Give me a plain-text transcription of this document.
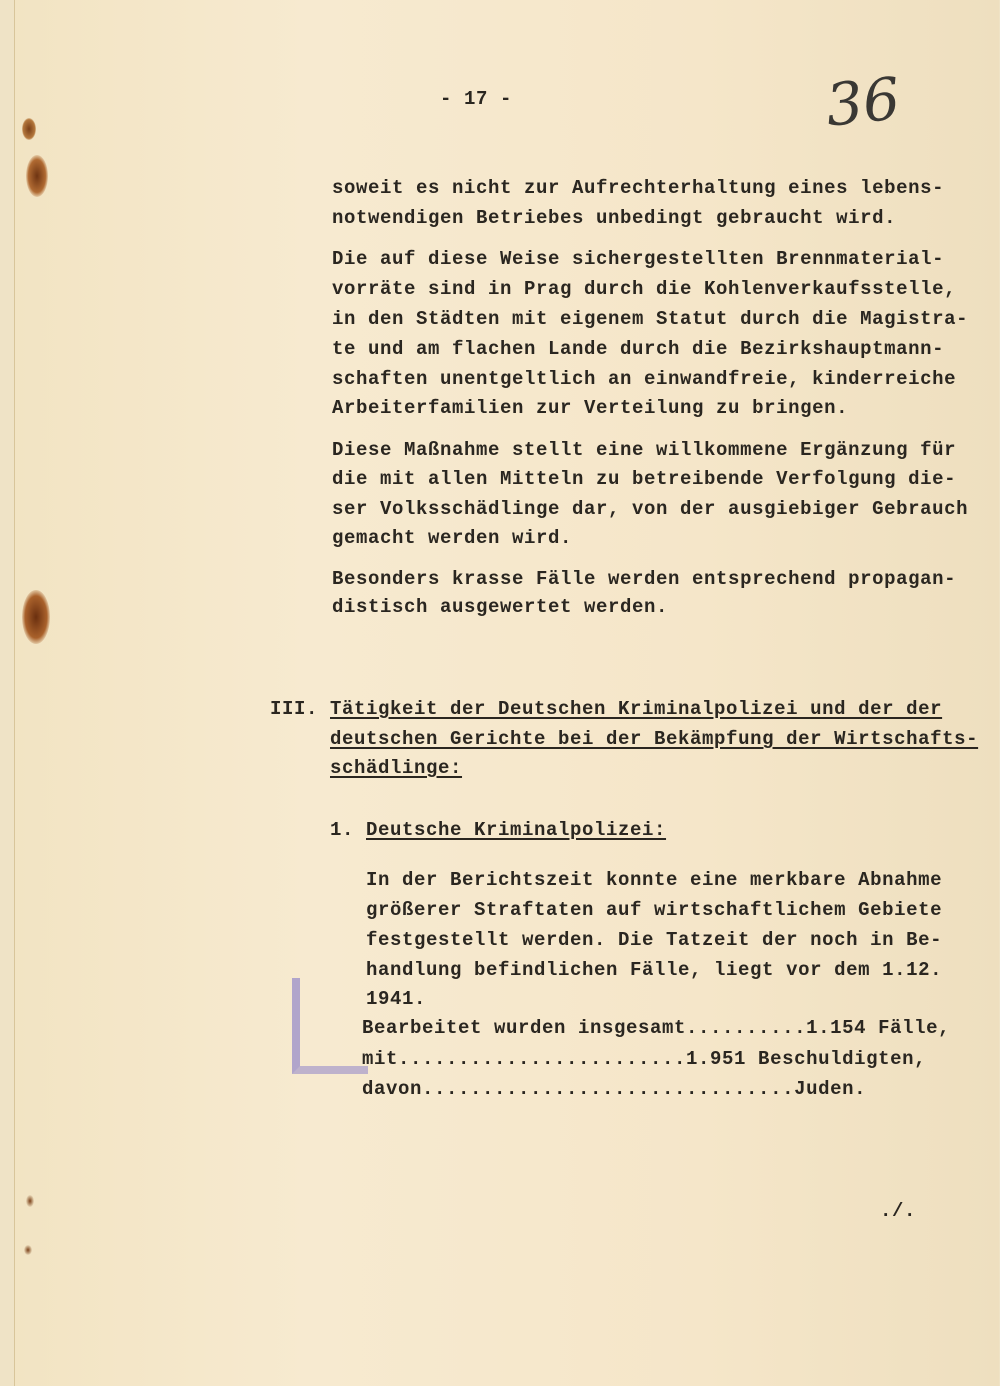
- 17 -	36
soweit es nicht zur Aufrechterhaltung eines lebens-
notwendigen Betriebes unbedingt gebraucht wird.
Die auf diese Weise sichergestellten Brennmaterial-
vorräte sind in Prag durch die Kohlenverkaufsstelle,
in den Städten mit eigenem Statut durch die Magistra-
te und am flachen Lande durch die Bezirkshauptmann-
schaften unentgeltlich an einwandfreie, kinderreiche
Arbeiterfamilien zur Verteilung zu bringen.
Diese Maßnahme stellt eine willkommene Ergänzung für
die mit allen Mitteln zu betreibende Verfolgung die-
ser Volksschädlinge dar, von der ausgiebiger Gebrauch
gemacht werden wird.
Besonders krasse Fälle werden entsprechend propagan-
distisch ausgewertet werden.
III. Tätigkeit der Deutschen Kriminalpolizei und der der
deutschen Gerichte bei der Bekämpfung der Wirtschafts-
schädlinge:
1. Deutsche Kriminalpolizei:
In der Berichtszeit konnte eine merkbare Abnahme
größerer Straftaten auf wirtschaftlichem Gebiete
festgestellt werden. Die Tatzeit der noch in Be-
handlung befindlichen Fälle, liegt vor dem 1.12.
1941.
Bearbeitet wurden insgesamt..........1.154 Fälle,
mit........................1.951 Beschuldigten,
davon...............................Juden.
./.
